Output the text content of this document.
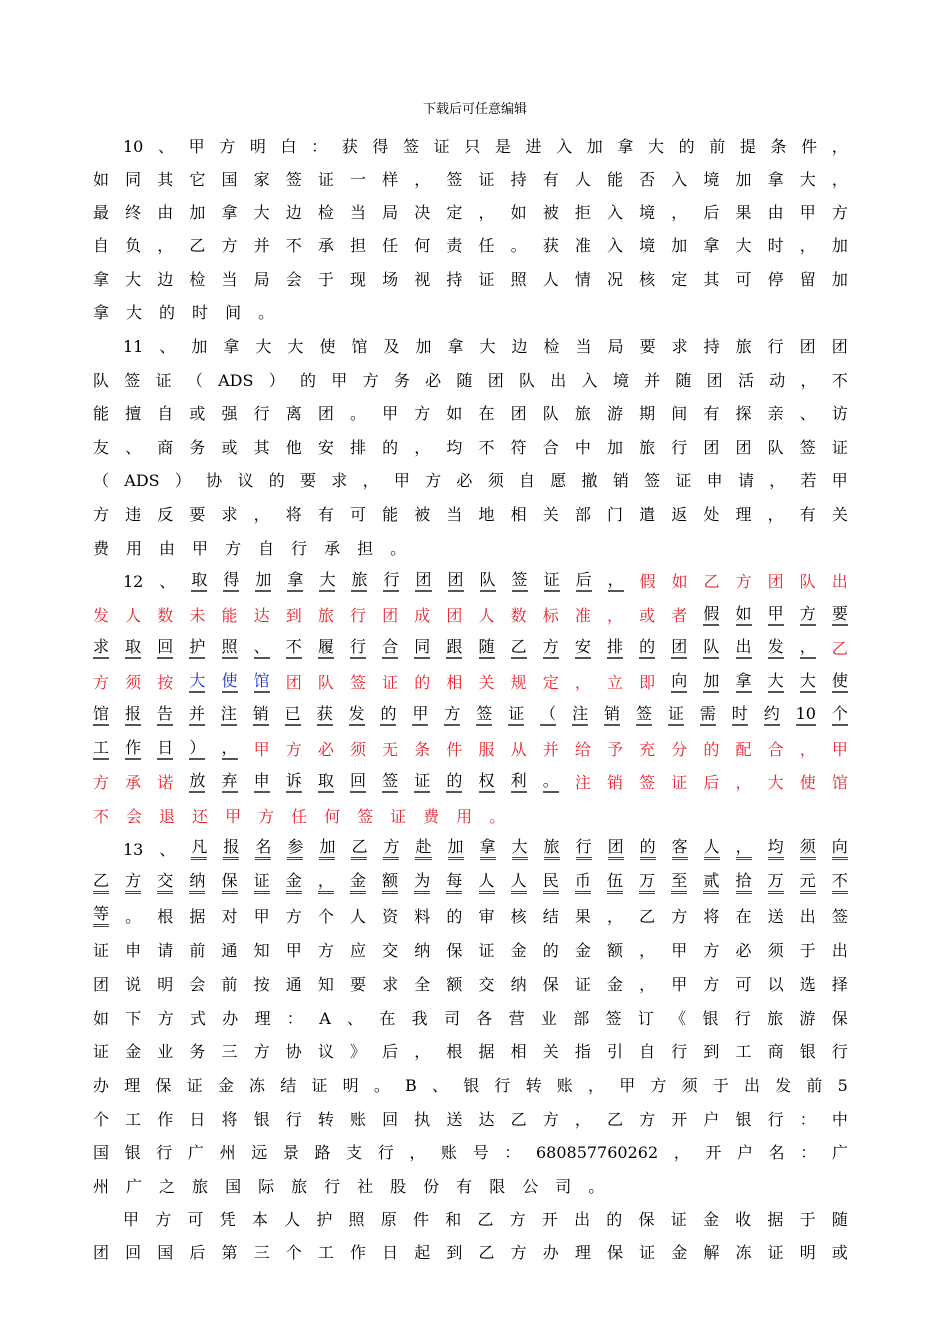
下载后可任意编辑
10 、 甲 方 明 白 ： 获 得 签 证 只 是 进 入 加 拿 大 的 前 提 条 件 ，
如 同 其 它 国 家 签 证 一 样 ， 签 证 持 有 人 能 否 入 境 加 拿 大 ，
最 终 由 加 拿 大 边 检 当 局 决 定 ， 如 被 拒 入 境 ， 后 果 由 甲 方
自 负 ， 乙 方 并 不 承 担 任 何 责 任 。 获 准 入 境 加 拿 大 时 ， 加
拿 大 边 检 当 局 会 于 现 场 视 持 证 照 人 情 况 核 定 其 可 停 留 加
拿 大 的 时 间 。
11 、 加 拿 大 大 使 馆 及 加 拿 大 边 检 当 局 要 求 持 旅 行 团 团
队 签 证 （ ADS ） 的 甲 方 务 必 随 团 队 出 入 境 并 随 团 活 动 ， 不
能 擅 自 或 强 行 离 团 。 甲 方 如 在 团 队 旅 游 期 间 有 探 亲 、 访
友 、 商 务 或 其 他 安 排 的 ， 均 不 符 合 中 加 旅 行 团 团 队 签 证
（ ADS ） 协 议 的 要 求 ， 甲 方 必 须 自 愿 撤 销 签 证 申 请 ， 若 甲
方 违 反 要 求 ， 将 有 可 能 被 当 地 相 关 部 门 遣 返 处 理 ， 有 关
费 用 由 甲 方 自 行 承 担 。
甲 方 可 凭 本 人 护 照 原 件 和 乙 方 开 出 的 保 证 金 收 据 于 随
团 回 国 后 第 三 个 工 作 日 起 到 乙 方 办 理 保 证 金 解 冻 证 明 或
12 、 取 得 加 拿 大 旅 行 团 团 队 签 证 后 ， 假 如 乙 方 团 队 出
发 人 数 未 能 达 到 旅 行 团 成 团 人 数 标 准 ， 或 者 假 如 甲 方 要
求 取 回 护 照 、 不 履 行 合 同 跟 随 乙 方 安 排 的 团 队 出 发 ， 乙
方 须 按 大 使 馆 团 队 签 证 的 相 关 规 定 ， 立 即 向 加 拿 大 大 使
馆 报 告 并 注 销 已 获 发 的 甲 方 签 证 （ 注 销 签 证 需 时 约 10 个
工 作 日 ） ， 甲 方 必 须 无 条 件 服 从 并 给 予 充 分 的 配 合 ， 甲
方 承 诺 放 弃 申 诉 取 回 签 证 的 权 利 。 注 销 签 证 后 ， 大 使 馆
不	会	退	还	甲	方	任	何	签	证	费	用	。
13 、 凡 报 名 参 加 乙 方 赴 加 拿 大 旅 行 团 的 客 人 ， 均 须 向
乙 方 交 纳 保 证 金 ， 金 额 为 每 人 人 民 币 伍 万 至 贰 拾 万 元 不
等 。 根 据 对 甲 方 个 人 资 料 的 审 核 结 果 ， 乙 方 将 在 送 出 签
证 申 请 前 通 知 甲 方 应 交 纳 保 证 金 的 金 额 ， 甲 方 必 须 于 出
团 说 明 会 前 按 通 知 要 求 全 额 交 纳 保 证 金 ， 甲 方 可 以 选 择
如 下 方 式 办 理 ： A 、 在 我 司 各 营 业 部 签 订 《 银 行 旅 游 保
证 金 业 务 三 方 协 议 》 后 ， 根 据 相 关 指 引 自 行 到 工 商 银 行
办 理 保 证 金 冻 结 证 明 。 B 、 银 行 转 账 ， 甲 方 须 于 出 发 前 5
个 工 作 日 将 银 行 转 账 回 执 送 达 乙 方 ， 乙 方 开 户 银 行 ： 中
国 银 行 广 州 远 景 路 支 行 ， 账 号 ： 680857760262 ， 开 户 名 ： 广
州	广	之	旅	国	际	旅	行	社	股	份	有	限	公	司	。
